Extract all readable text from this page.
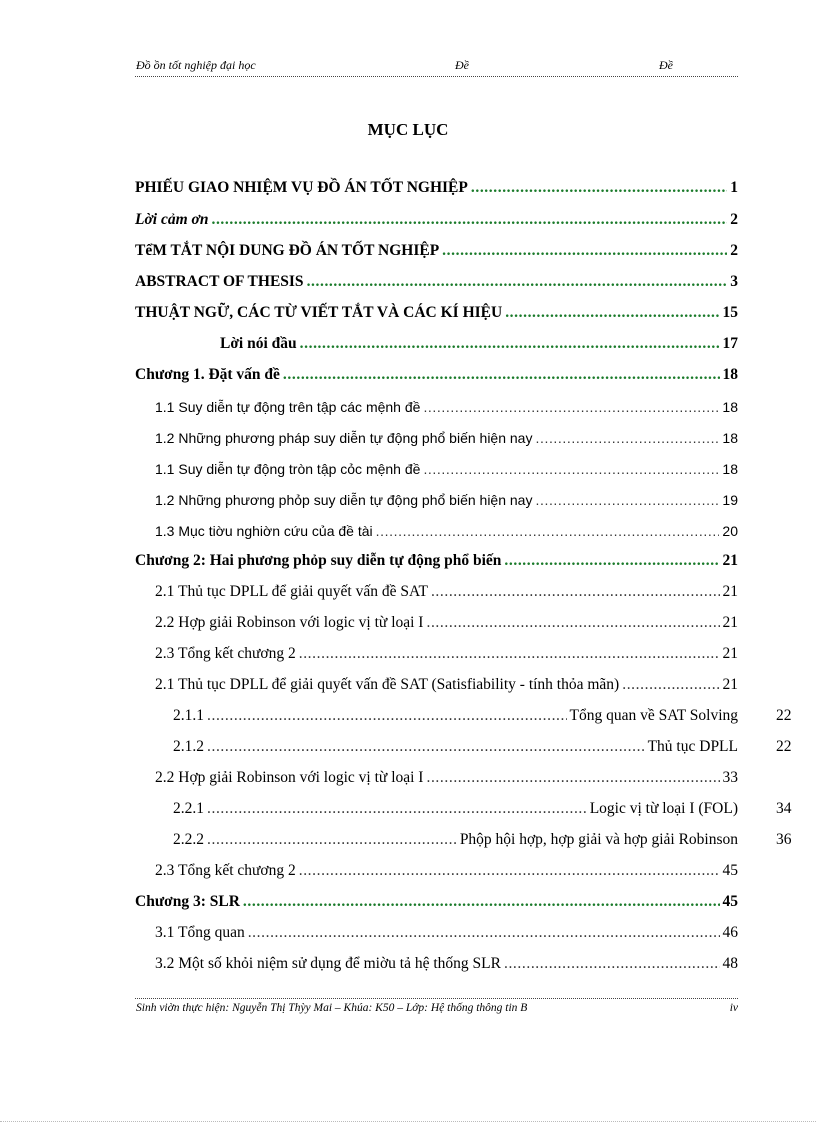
Đồ ồn tốt nghiệp đại học	Đề	Đề
MỤC LỤC
PHIẾU GIAO NHIỆM VỤ ĐỒ ÁN TỐT NGHIỆP .....	1
Lời cảm ơn .....	2
TểM TẮT NỘI DUNG ĐỒ ÁN TỐT NGHIỆP .....	2
ABSTRACT OF THESIS .....	3
THUẬT NGỮ, CÁC TỪ VIẾT TẮT VÀ CÁC KÍ HIỆU .....	15
Lời nói đầu .....	17
Chương 1. Đặt vấn đề .....	18
1.1 Suy diễn tự động trên tập các mệnh đề .....	18
1.2 Những phương pháp suy diễn tự động phổ biến hiện nay .....	18
1.1 Suy diễn tự động tròn tập cỏc mệnh đề .....	18
1.2 Những phương phỏp suy diễn tự động phổ biến hiện nay .....	19
1.3 Mục tiờu nghiờn cứu của đề tài .....	20
Chương 2: Hai phương phỏp suy diễn tự động phổ biến .....	21
2.1 Thủ tục DPLL để giải quyết vấn đề SAT .....	21
2.2 Hợp giải Robinson với logic vị từ loại I .....	21
2.3 Tổng kết chương 2 .....	21
2.1 Thủ tục DPLL để giải quyết vấn đề SAT (Satisfiability - tính thỏa mãn) .....	21
2.1.1 .....	Tổng quan về SAT Solving 22
2.1.2 .....	Thủ tục DPLL 22
2.2 Hợp giải Robinson với logic vị từ loại I .....	33
2.2.1 .....	Logic vị từ loại I (FOL) 34
2.2.2 .....	Phộp hội hợp, hợp giải và hợp giải Robinson 36
2.3 Tổng kết chương 2 .....	45
Chương 3: SLR .....	45
3.1 Tổng quan .....	46
3.2 Một số khỏi niệm sử dụng để miờu tả hệ thống SLR .....	48
Sinh viờn thực hiện: Nguyễn Thị Thỳy Mai – Khúa: K50 – Lớp: Hệ thống thông tin B	iv
